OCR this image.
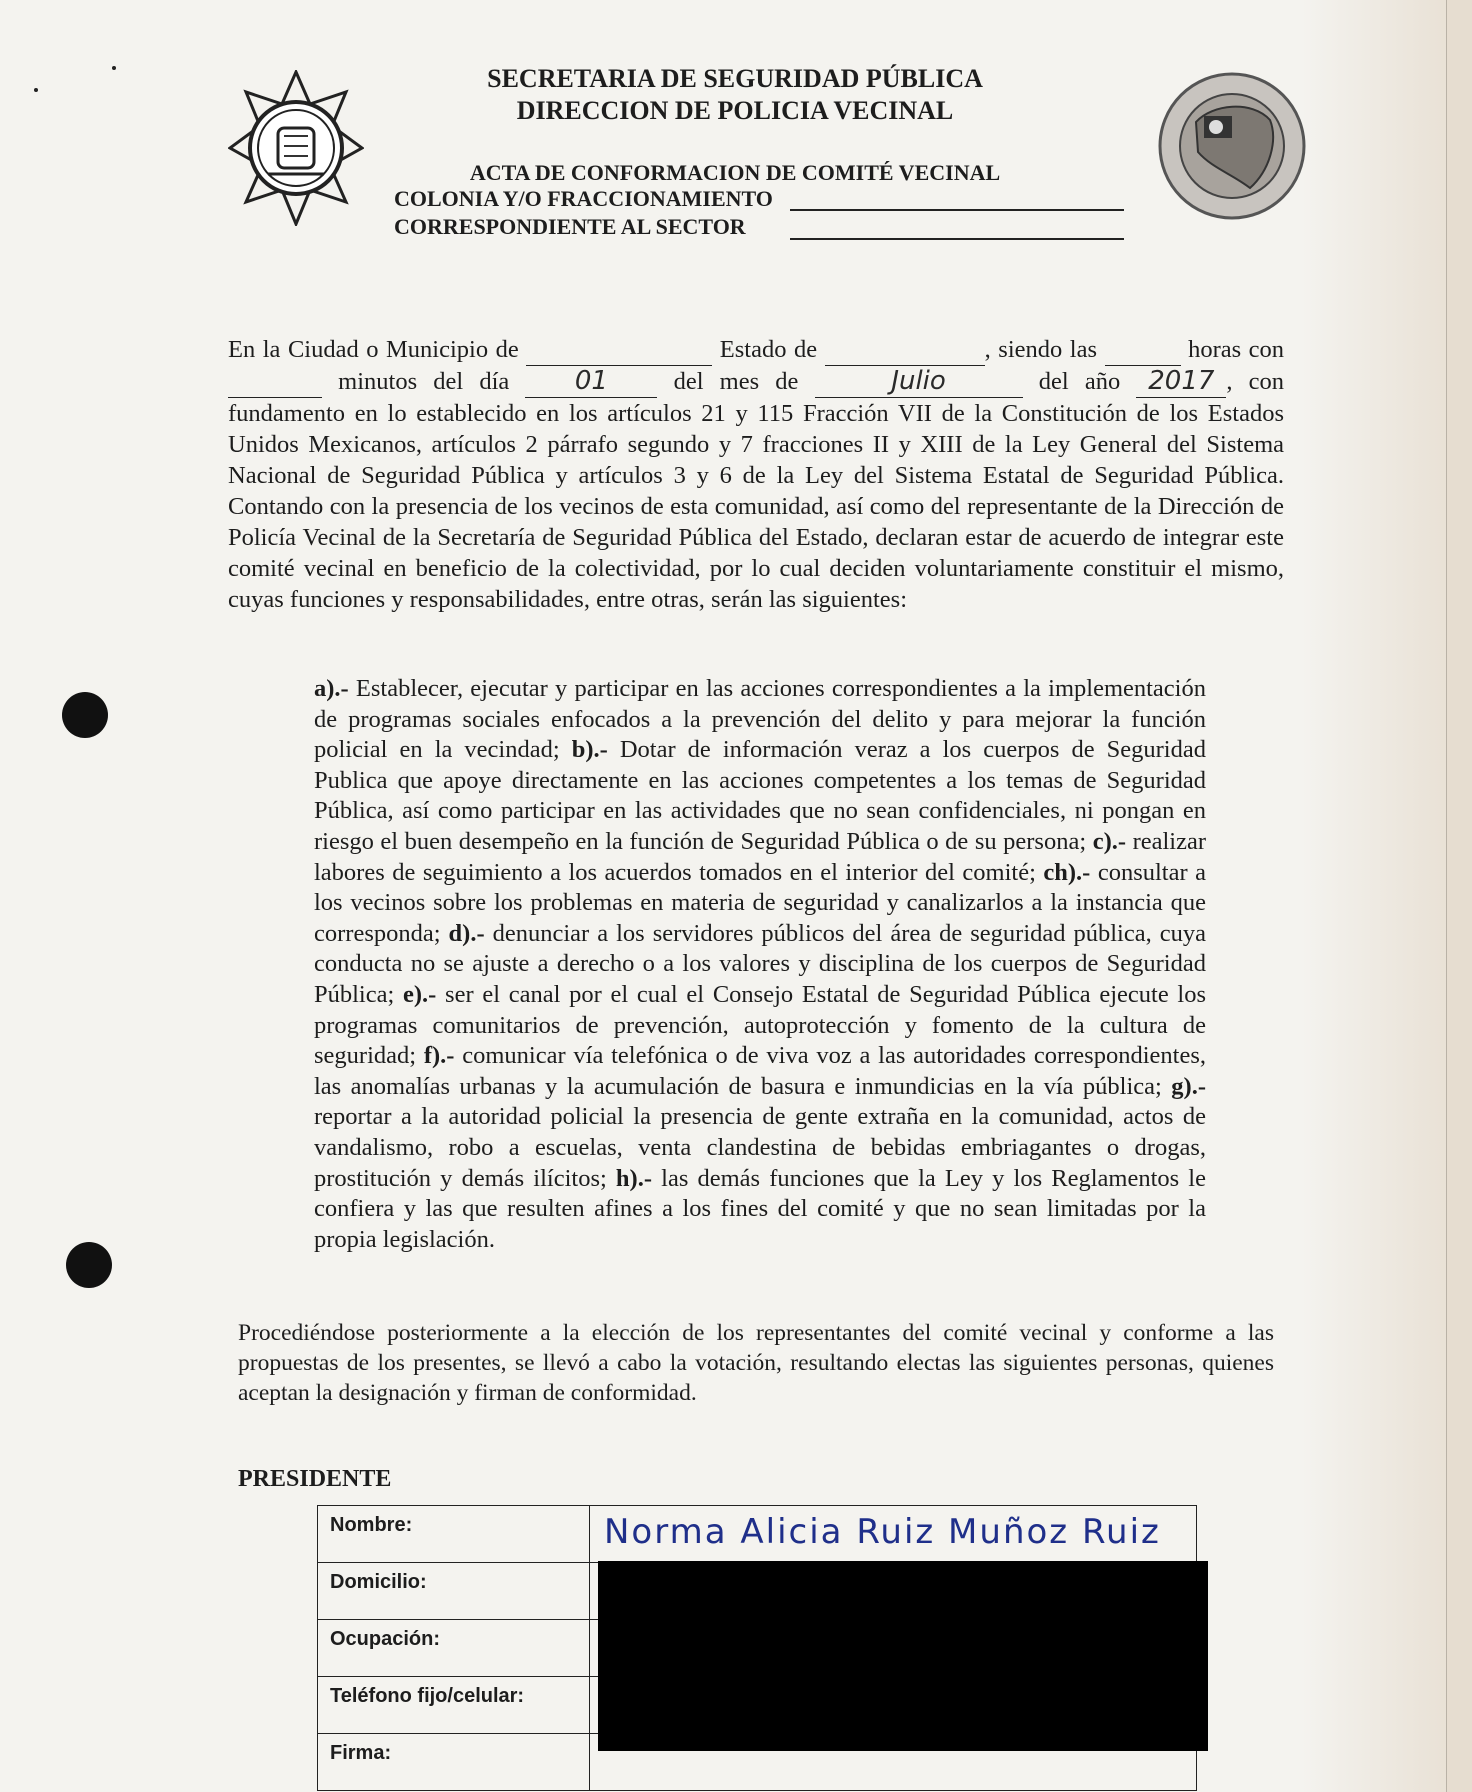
SECRETARIA DE SEGURIDAD PÚBLICA
DIRECCION DE POLICIA VECINAL
ACTA DE CONFORMACION DE COMITÉ VECINAL
COLONIA Y/O FRACCIONAMIENTO
CORRESPONDIENTE AL SECTOR
En la Ciudad o Municipio de	Estado de	, siendo las	horas con   minutos del día	01	del mes de	Julio	del año 2017 , con fundamento en lo establecido en los artículos 21 y 115 Fracción VII de la Constitución de los Estados Unidos Mexicanos, artículos 2 párrafo segundo y 7 fracciones II y XIII de la Ley General del Sistema Nacional de Seguridad Pública y artículos 3 y 6 de la Ley del Sistema Estatal de Seguridad Pública. Contando con la presencia de los vecinos de esta comunidad, así como del representante de la Dirección de Policía Vecinal de la Secretaría de Seguridad Pública del Estado, declaran estar de acuerdo de integrar este comité vecinal en beneficio de la colectividad, por lo cual deciden voluntariamente constituir el mismo, cuyas funciones y responsabilidades, entre otras, serán las siguientes:
a).- Establecer, ejecutar y participar en las acciones correspondientes a la implementación de programas sociales enfocados a la prevención del delito y para mejorar la función policial en la vecindad; b).- Dotar de información veraz a los cuerpos de Seguridad Publica que apoye directamente en las acciones competentes a los temas de Seguridad Pública, así como participar en las actividades que no sean confidenciales, ni pongan en riesgo el buen desempeño en la función de Seguridad Pública o de su persona; c).- realizar labores de seguimiento a los acuerdos tomados en el interior del comité; ch).- consultar a los vecinos sobre los problemas en materia de seguridad y canalizarlos a la instancia que corresponda; d).- denunciar a los servidores públicos del área de seguridad pública, cuya conducta no se ajuste a derecho o a los valores y disciplina de los cuerpos de Seguridad Pública; e).- ser el canal por el cual el Consejo Estatal de Seguridad Pública ejecute los programas comunitarios de prevención, autoprotección y fomento de la cultura de seguridad; f).- comunicar vía telefónica o de viva voz a las autoridades correspondientes, las anomalías urbanas y la acumulación de basura e inmundicias en la vía pública; g).- reportar a la autoridad policial la presencia de gente extraña en la comunidad, actos de vandalismo, robo a escuelas, venta clandestina de bebidas embriagantes o drogas, prostitución y demás ilícitos; h).- las demás funciones que la Ley y los Reglamentos le confiera y las que resulten afines a los fines del comité y que no sean limitadas por la propia legislación.
Procediéndose posteriormente a la elección de los representantes del comité vecinal y conforme a las propuestas de los presentes, se llevó a cabo la votación, resultando electas las siguientes personas, quienes aceptan la designación y firman de conformidad.
PRESIDENTE
Nombre:	Norma Alicia Ruiz Muñoz Ruiz

Domicilio:	
Ocupación:	
Teléfono fijo/celular:	
Firma:	
